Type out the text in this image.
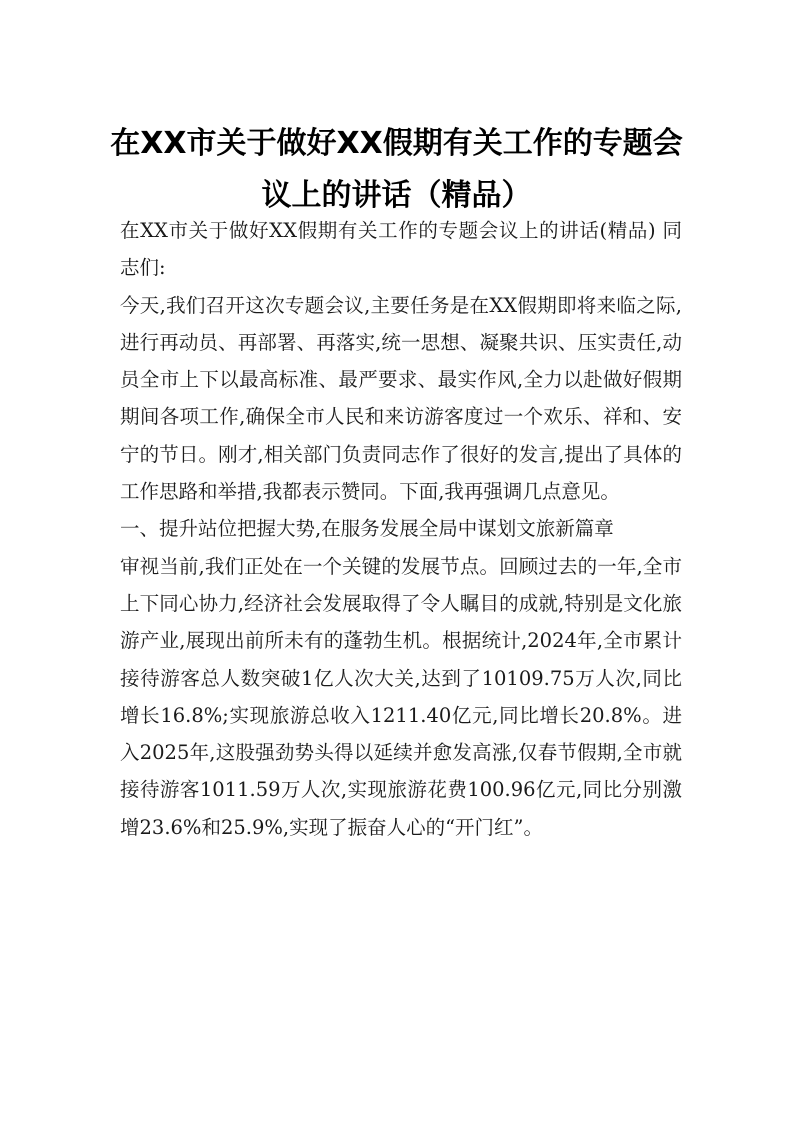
在XX市关于做好XX假期有关工作的专题会
议上的讲话（精品）

在XX市关于做好XX假期有关工作的专题会议上的讲话(精品) 同志们:

今天,我们召开这次专题会议,主要任务是在XX假期即将来临之际,进行再动员、再部署、再落实,统一思想、凝聚共识、压实责任,动员全市上下以最高标准、最严要求、最实作风,全力以赴做好假期期间各项工作,确保全市人民和来访游客度过一个欢乐、祥和、安宁的节日。刚才,相关部门负责同志作了很好的发言,提出了具体的工作思路和举措,我都表示赞同。下面,我再强调几点意见。

一、提升站位把握大势,在服务发展全局中谋划文旅新篇章

审视当前,我们正处在一个关键的发展节点。回顾过去的一年,全市上下同心协力,经济社会发展取得了令人瞩目的成就,特别是文化旅游产业,展现出前所未有的蓬勃生机。根据统计,2024年,全市累计接待游客总人数突破1亿人次大关,达到了10109.75万人次,同比增长16.8%;实现旅游总收入1211.40亿元,同比增长20.8%。进入2025年,这股强劲势头得以延续并愈发高涨,仅春节假期,全市就接待游客1011.59万人次,实现旅游花费100.96亿元,同比分别激增23.6%和25.9%,实现了振奋人心的“开门红”。
